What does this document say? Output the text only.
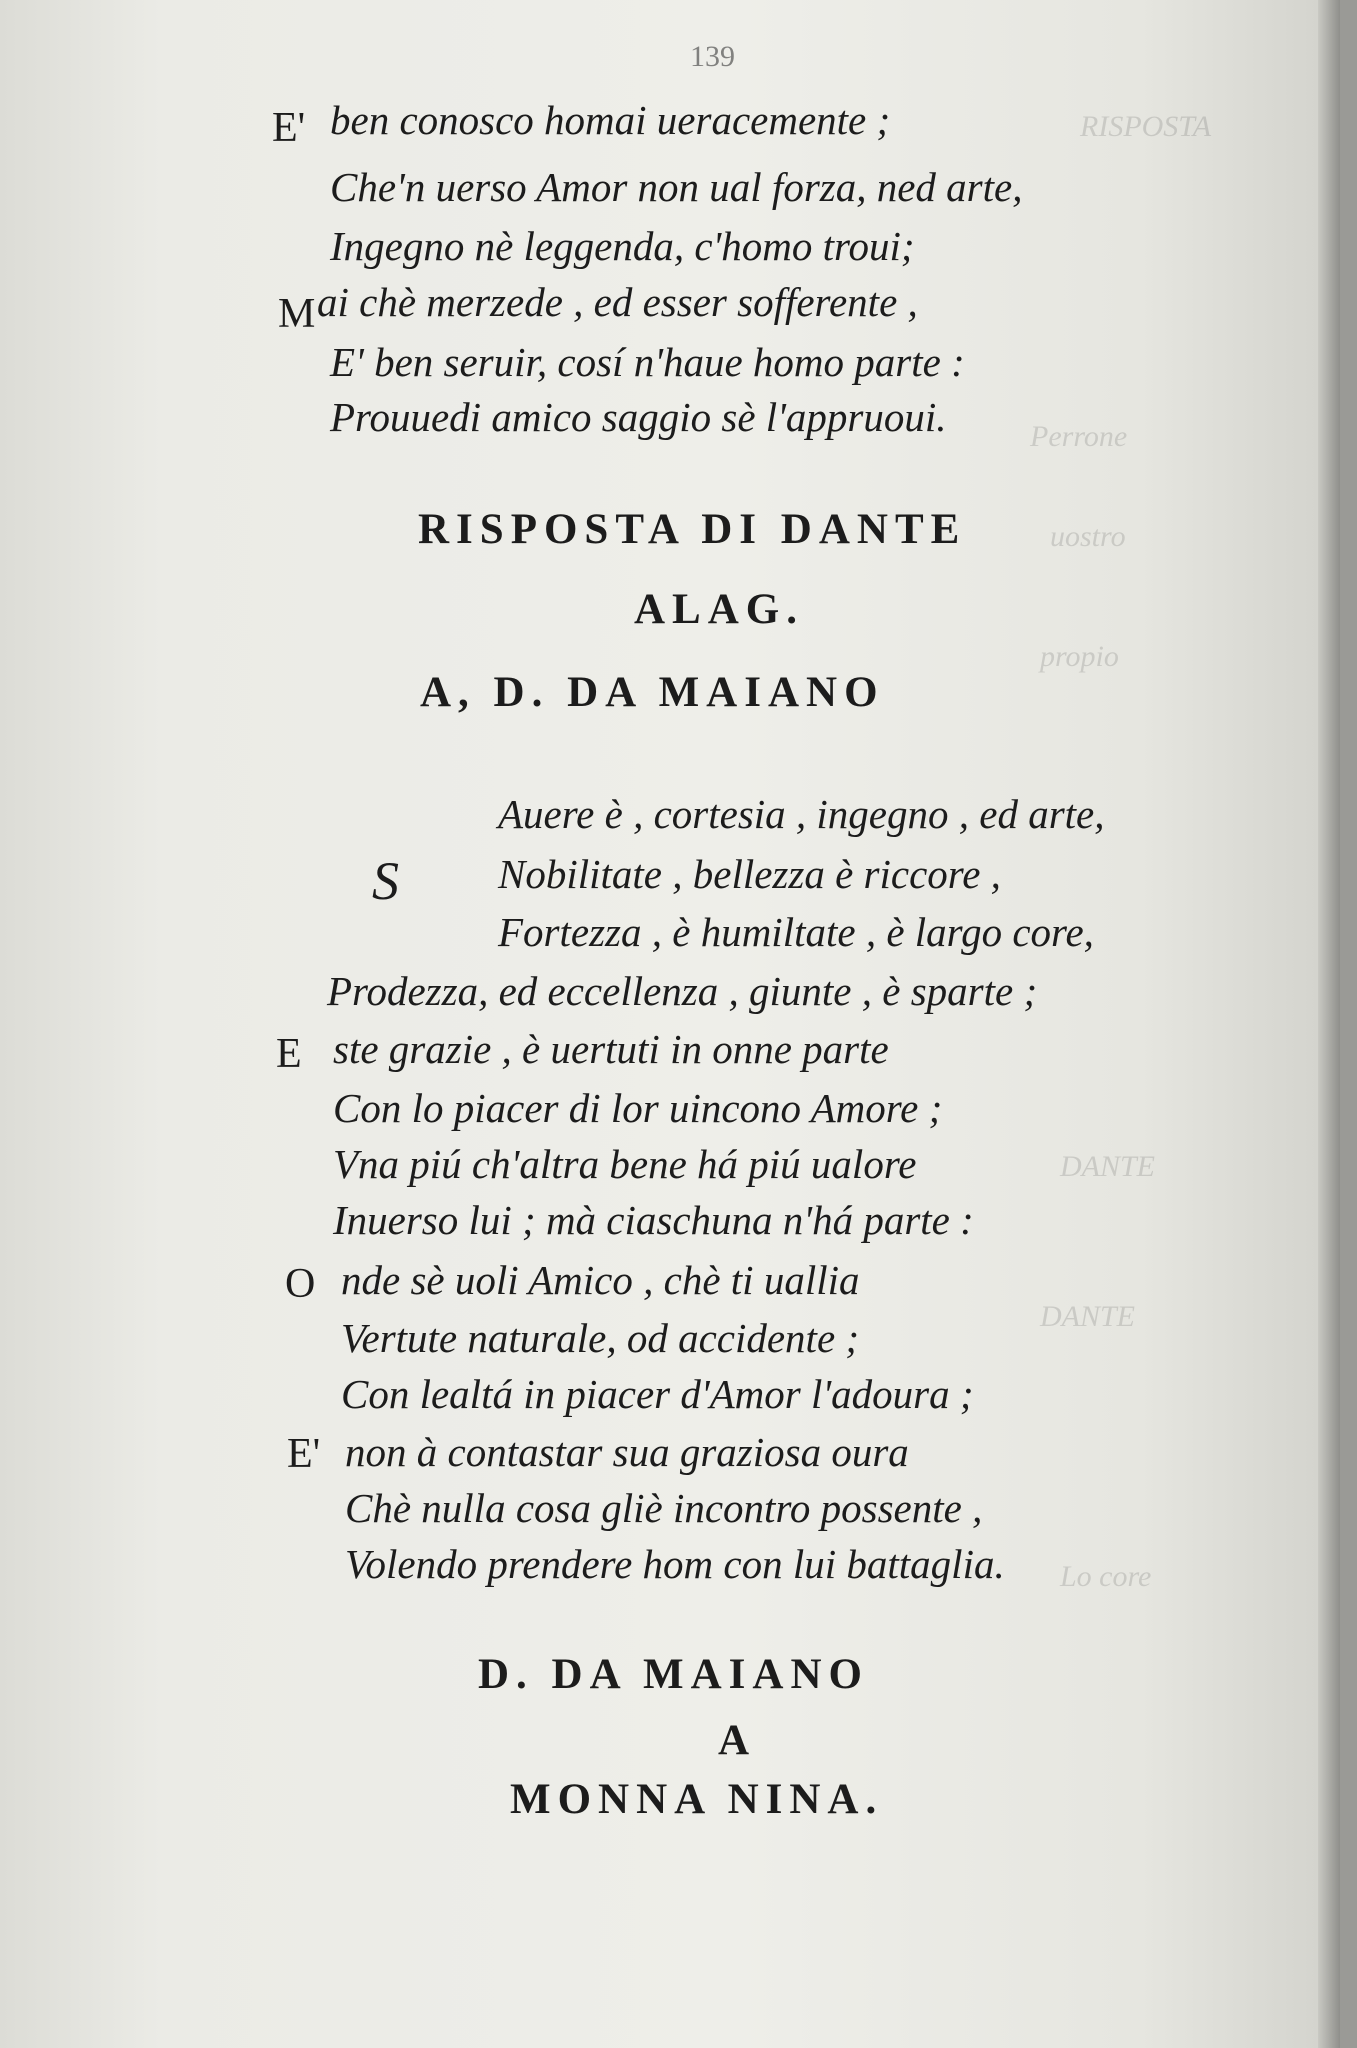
RISPOSTA
Perrone
uostro
propio
DANTE
DANTE
Lo core
139
E' ben conosco homai ueracemente ;
Che'n uerso Amor non ual forza, ned arte,
Ingegno nè leggenda, c'homo troui;
M ai chè merzede , ed esser sofferente ,
E' ben seruir, cosí n'haue homo parte :
Prouuedi amico saggio sè l'appruoui.
RISPOSTA DI DANTE
ALAG.
A, D. DA MAIANO
S
Auere è , cortesia , ingegno , ed arte,
Nobilitate , bellezza è riccore ,
Fortezza , è humiltate , è largo core,
Prodezza, ed eccellenza , giunte , è sparte ;
E ste grazie , è uertuti in onne parte
Con lo piacer di lor uincono Amore ;
Vna piú ch'altra bene há piú ualore
Inuerso lui ; mà ciaschuna n'há parte :
O nde sè uoli Amico , chè ti uallia
Vertute naturale, od accidente ;
Con lealtá in piacer d'Amor l'adoura ;
E' non à contastar sua graziosa oura
Chè nulla cosa gliè incontro possente ,
Volendo prendere hom con lui battaglia.
D. DA MAIANO
A
MONNA NINA.
